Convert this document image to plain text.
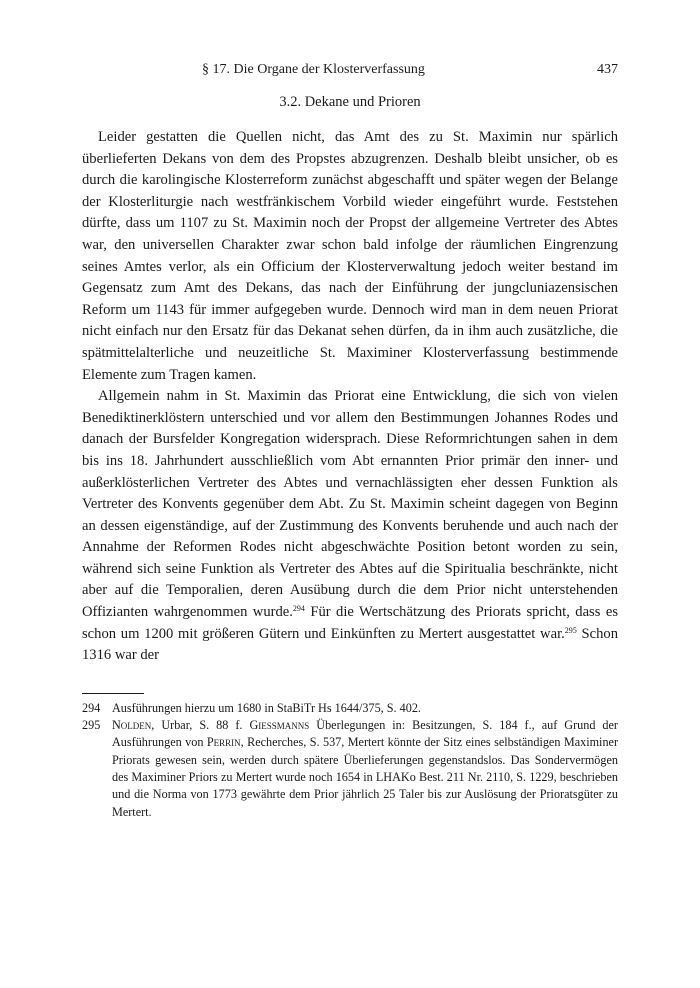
§ 17. Die Organe der Klosterverfassung	437
3.2. Dekane und Prioren

Leider gestatten die Quellen nicht, das Amt des zu St. Maximin nur spärlich überlieferten Dekans von dem des Propstes abzugrenzen. Deshalb bleibt unsicher, ob es durch die karolingische Klosterreform zunächst abgeschafft und später wegen der Belange der Klosterliturgie nach westfränkischem Vorbild wieder eingeführt wurde. Feststehen dürfte, dass um 1107 zu St. Maximin noch der Propst der allgemeine Vertreter des Abtes war, den universellen Charakter zwar schon bald infolge der räumlichen Eingrenzung seines Amtes verlor, als ein Officium der Klosterverwaltung jedoch weiter bestand im Gegensatz zum Amt des Dekans, das nach der Einführung der jungcluniazensischen Reform um 1143 für immer aufgegeben wurde. Dennoch wird man in dem neuen Priorat nicht einfach nur den Ersatz für das Dekanat sehen dürfen, da in ihm auch zusätzliche, die spätmittelalterliche und neuzeitliche St. Maximiner Klosterverfassung bestimmende Elemente zum Tragen kamen.

Allgemein nahm in St. Maximin das Priorat eine Entwicklung, die sich von vielen Benediktinerklöstern unterschied und vor allem den Bestimmungen Johannes Rodes und danach der Bursfelder Kongregation widersprach. Diese Reformrichtungen sahen in dem bis ins 18. Jahrhundert ausschließlich vom Abt ernannten Prior primär den inner- und außerklösterlichen Vertreter des Abtes und vernachlässigten eher dessen Funktion als Vertreter des Konvents gegenüber dem Abt. Zu St. Maximin scheint dagegen von Beginn an dessen eigenständige, auf der Zustimmung des Konvents beruhende und auch nach der Annahme der Reformen Rodes nicht abgeschwächte Position betont worden zu sein, während sich seine Funktion als Vertreter des Abtes auf die Spiritualia beschränkte, nicht aber auf die Temporalien, deren Ausübung durch die dem Prior nicht unterstehenden Offizianten wahrgenommen wurde.$^{294}$ Für die Wertschätzung des Priorats spricht, dass es schon um 1200 mit größeren Gütern und Einkünften zu Mertert ausgestattet war.$^{295}$ Schon 1316 war der

294 Ausführungen hierzu um 1680 in StaBiTr Hs 1644/375, S. 402.
295 Nolden, Urbar, S. 88 f. Giessmanns Überlegungen in: Besitzungen, S. 184 f., auf Grund der Ausführungen von Perrin, Recherches, S. 537, Mertert könnte der Sitz eines selbständigen Maximiner Priorats gewesen sein, werden durch spätere Überlieferungen gegenstandslos. Das Sondervermögen des Maximiner Priors zu Mertert wurde noch 1654 in LHAKo Best. 211 Nr. 2110, S. 1229, beschrieben und die Norma von 1773 gewährte dem Prior jährlich 25 Taler bis zur Auslösung der Prioratsgüter zu Mertert.
